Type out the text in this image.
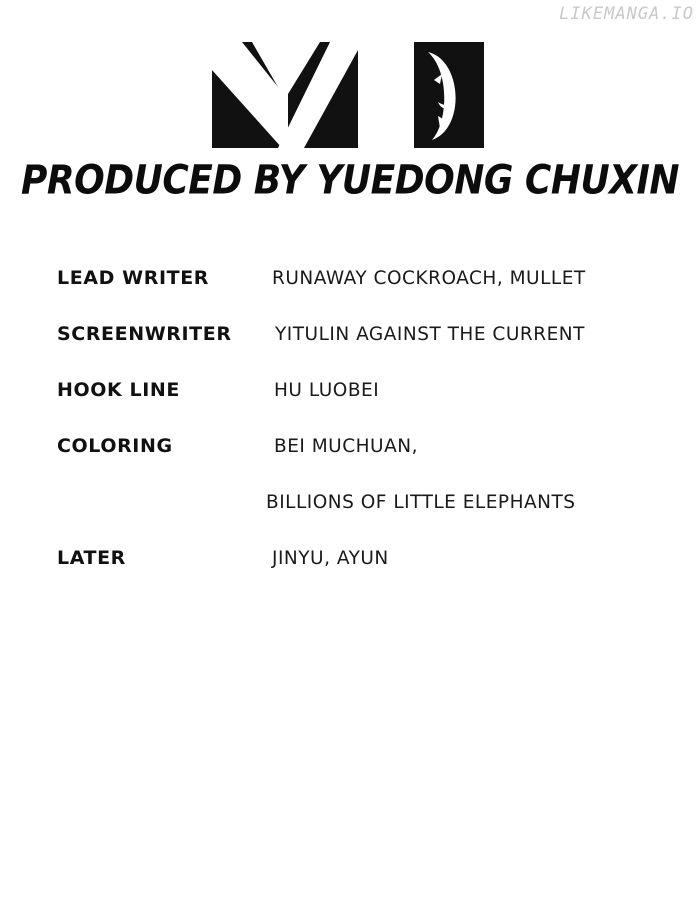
LIKEMANGA.IO
PRODUCED BY YUEDONG CHUXIN
LEAD WRITER	RUNAWAY COCKROACH, MULLET
SCREENWRITER YITULIN AGAINST THE CURRENT
HOOK LINE	HU LUOBEI
COLORING	BEI MUCHUAN,
BILLIONS OF LITTLE ELEPHANTS
LATER	JINYU, AYUN
